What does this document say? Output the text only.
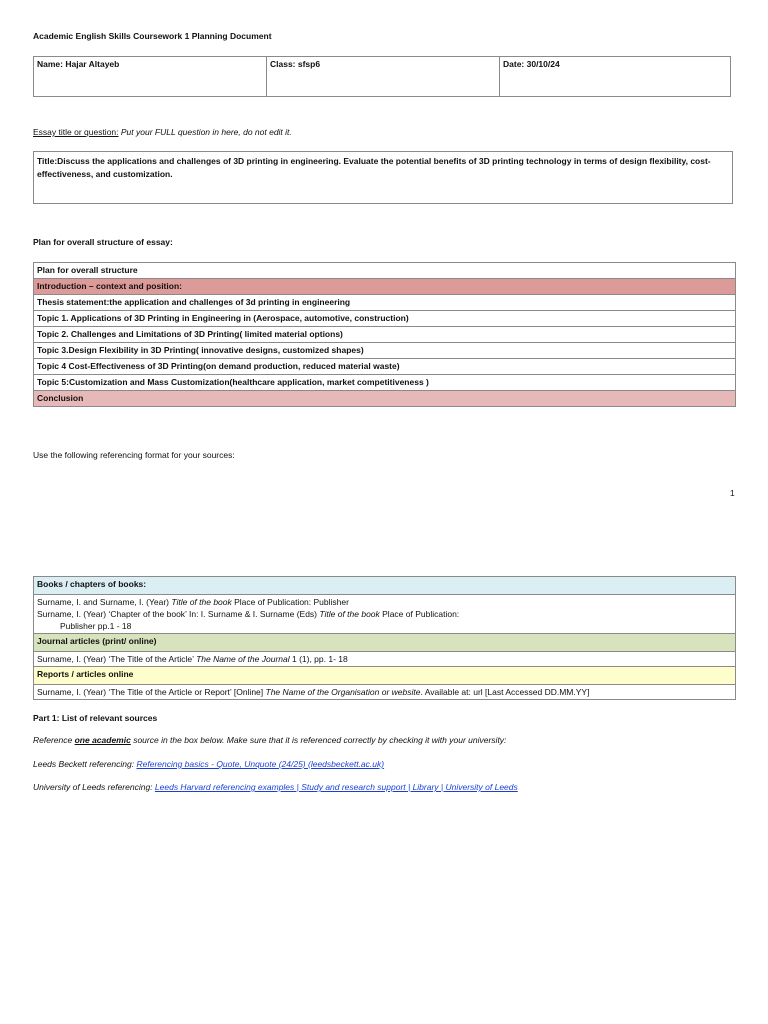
Academic English Skills Coursework 1 Planning Document
Name: Hajar Altayeb	Class: sfsp6	Date: 30/10/24
Essay title or question: Put your FULL question in here, do not edit it.
Title:Discuss the applications and challenges of 3D printing in engineering. Evaluate the potential benefits of 3D printing technology in terms of design flexibility, cost-effectiveness, and customization.
Plan for overall structure of essay:
Plan for overall structure
Introduction – context and position:
Thesis statement:the application and challenges of 3d printing in engineering
Topic 1. Applications of 3D Printing in Engineering in (Aerospace, automotive, construction)
Topic 2. Challenges and Limitations of 3D Printing( limited material options)
Topic 3.Design Flexibility in 3D Printing( innovative designs, customized shapes)
Topic 4 Cost-Effectiveness of 3D Printing(on demand production, reduced material waste)
Topic 5:Customization and Mass Customization(healthcare application, market competitiveness )
Conclusion
Use the following referencing format for your sources:
1
Books / chapters of books:
Surname, I. and Surname, I. (Year) Title of the book Place of Publication: Publisher
Surname, I. (Year) ‘Chapter of the book’ In: I. Surname & I. Surname (Eds) Title of the book Place of Publication:
Publisher pp.1 - 18
Journal articles (print/ online)
Surname, I. (Year) ‘The Title of the Article’ The Name of the Journal 1 (1), pp. 1- 18
Reports / articles online
Surname, I. (Year) ‘The Title of the Article or Report’ [Online] The Name of the Organisation or website. Available at: url [Last Accessed DD.MM.YY]
Part 1: List of relevant sources
Reference one academic source in the box below. Make sure that it is referenced correctly by checking it with your university:
Leeds Beckett referencing: Referencing basics - Quote, Unquote (24/25) (leedsbeckett.ac.uk)
University of Leeds referencing: Leeds Harvard referencing examples | Study and research support | Library | University of Leeds
